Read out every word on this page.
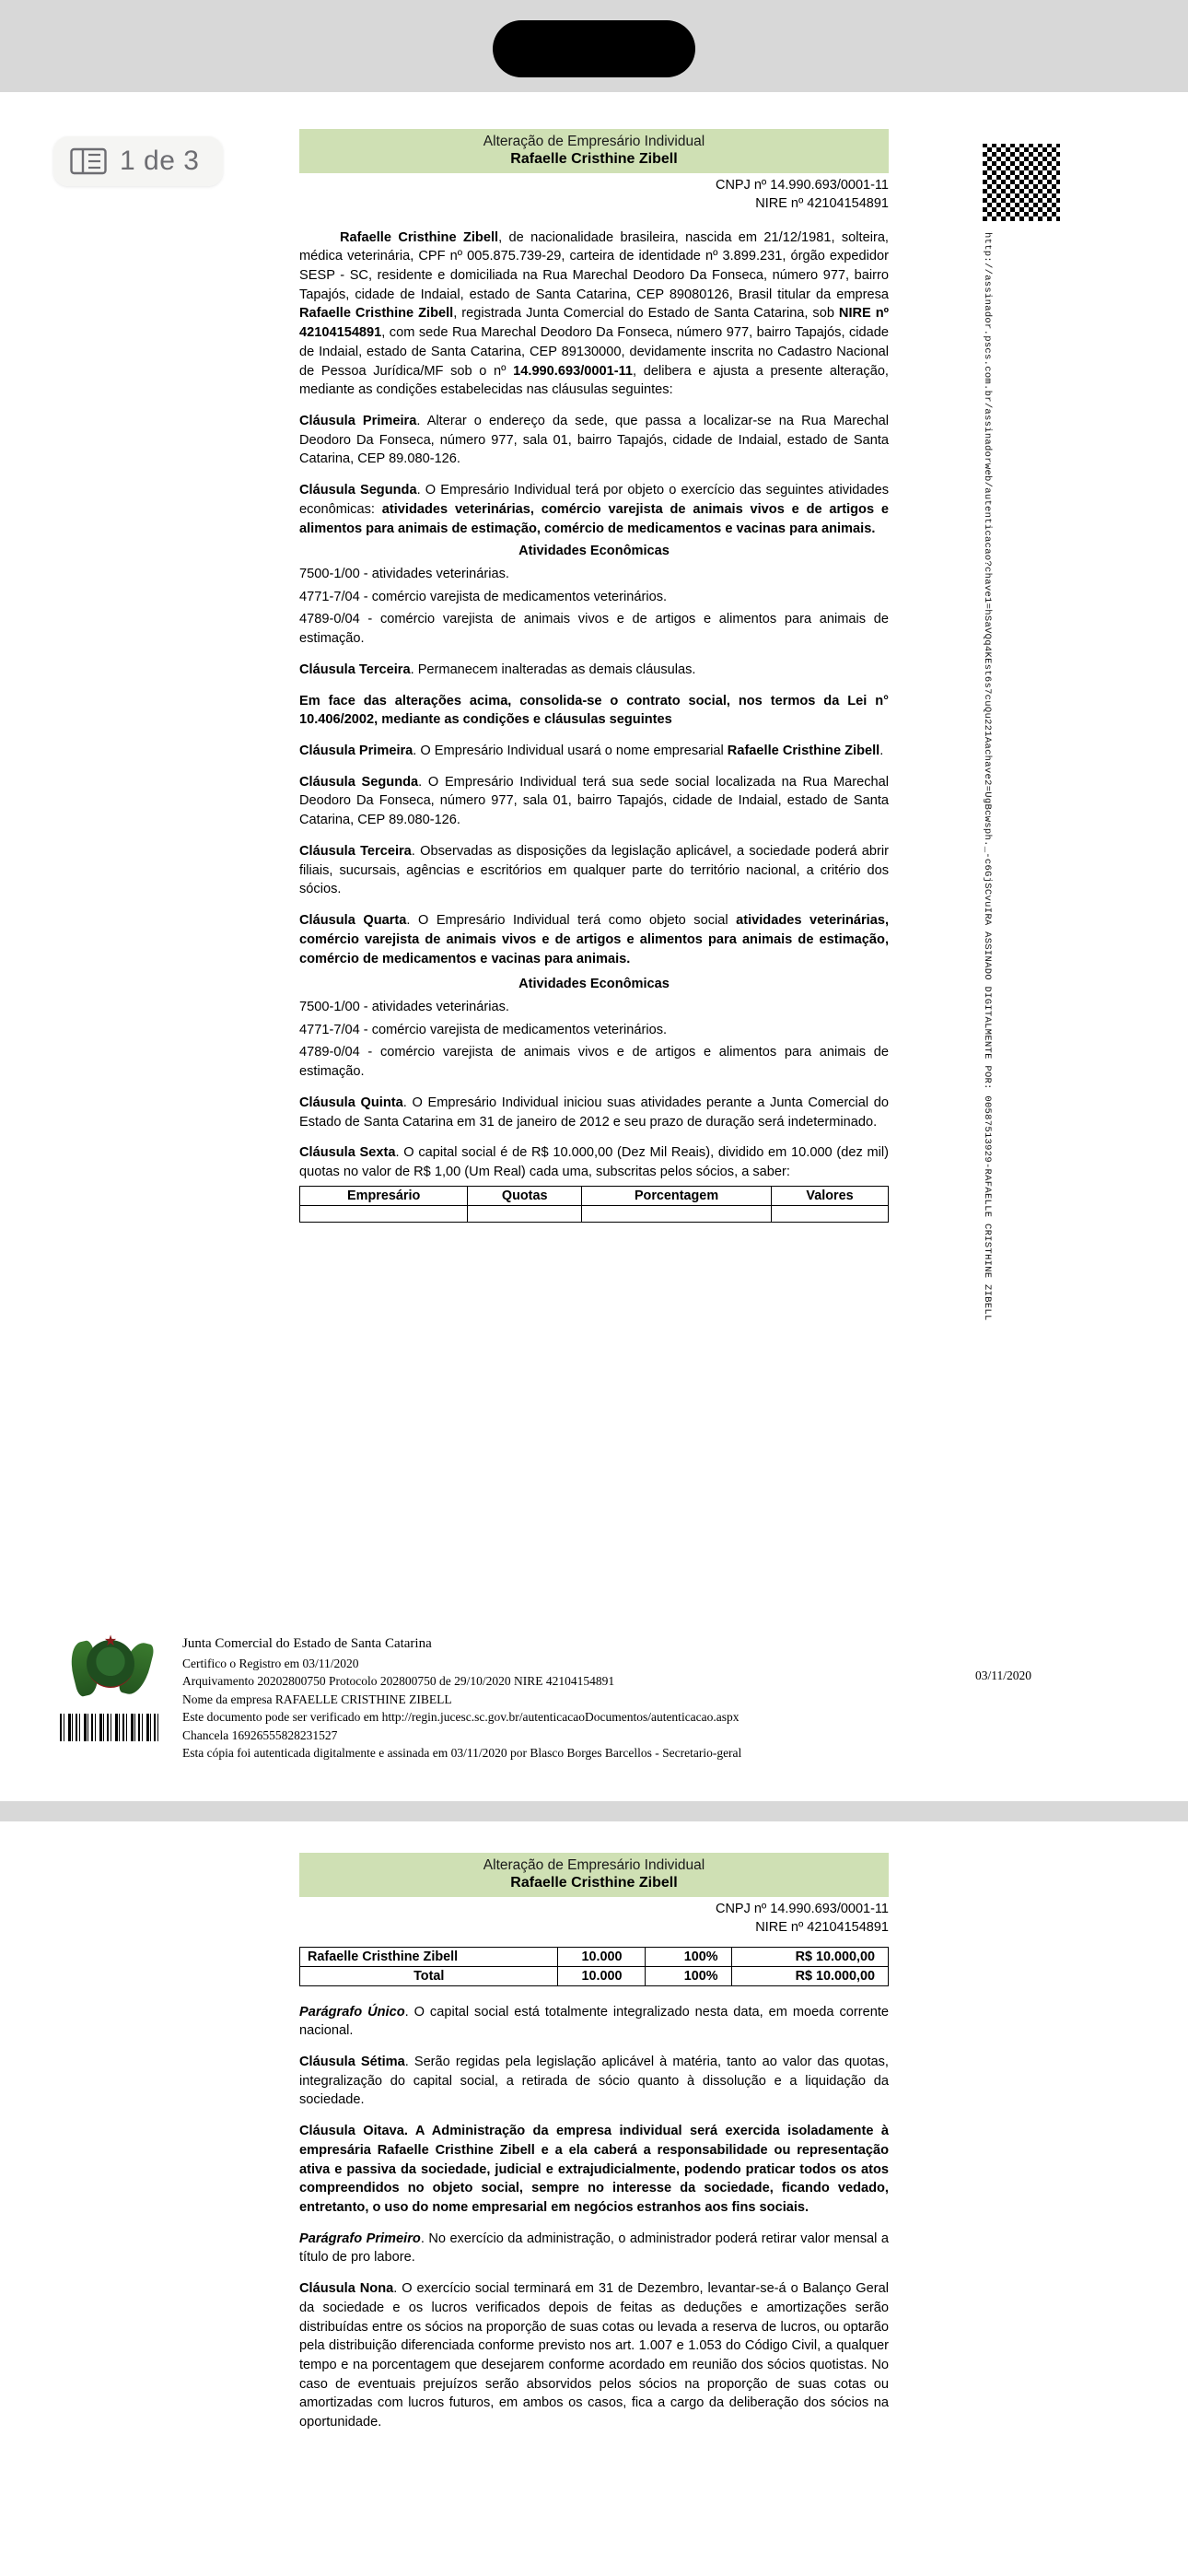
1 de 3
Alteração de Empresário Individual
Rafaelle Cristhine Zibell
CNPJ nº 14.990.693/0001-11
NIRE nº 42104154891
http://assinador.pscs.com.br/assinadorweb/autenticacao?chave1=hSaVQq4KEst6s7cuQu221Aachave2=UgBcwsph._-c6GjSCvuIRA ASSINADO DIGITALMENTE POR: 00587513929-RAFAELLE CRISTHINE ZIBELL

Rafaelle Cristhine Zibell, de nacionalidade brasileira, nascida em 21/12/1981, solteira, médica veterinária, CPF nº 005.875.739-29, carteira de identidade nº 3.899.231, órgão expedidor SESP - SC, residente e domiciliada na Rua Marechal Deodoro Da Fonseca, número 977, bairro Tapajós, cidade de Indaial, estado de Santa Catarina, CEP 89080126, Brasil titular da empresa Rafaelle Cristhine Zibell, registrada Junta Comercial do Estado de Santa Catarina, sob NIRE nº 42104154891, com sede Rua Marechal Deodoro Da Fonseca, número 977, bairro Tapajós, cidade de Indaial, estado de Santa Catarina, CEP 89130000, devidamente inscrita no Cadastro Nacional de Pessoa Jurídica/MF sob o nº 14.990.693/0001-11, delibera e ajusta a presente alteração, mediante as condições estabelecidas nas cláusulas seguintes:

Cláusula Primeira. Alterar o endereço da sede, que passa a localizar-se na Rua Marechal Deodoro Da Fonseca, número 977, sala 01, bairro Tapajós, cidade de Indaial, estado de Santa Catarina, CEP 89.080-126.

Cláusula Segunda. O Empresário Individual terá por objeto o exercício das seguintes atividades econômicas: atividades veterinárias, comércio varejista de animais vivos e de artigos e alimentos para animais de estimação, comércio de medicamentos e vacinas para animais.

Atividades Econômicas

7500-1/00 - atividades veterinárias.

4771-7/04 - comércio varejista de medicamentos veterinários.

4789-0/04 - comércio varejista de animais vivos e de artigos e alimentos para animais de estimação.

Cláusula Terceira. Permanecem inalteradas as demais cláusulas.

Em face das alterações acima, consolida-se o contrato social, nos termos da Lei n° 10.406/2002, mediante as condições e cláusulas seguintes

Cláusula Primeira. O Empresário Individual usará o nome empresarial Rafaelle Cristhine Zibell.

Cláusula Segunda. O Empresário Individual terá sua sede social localizada na Rua Marechal Deodoro Da Fonseca, número 977, sala 01, bairro Tapajós, cidade de Indaial, estado de Santa Catarina, CEP 89.080-126.

Cláusula Terceira. Observadas as disposições da legislação aplicável, a sociedade poderá abrir filiais, sucursais, agências e escritórios em qualquer parte do território nacional, a critério dos sócios.

Cláusula Quarta. O Empresário Individual terá como objeto social atividades veterinárias, comércio varejista de animais vivos e de artigos e alimentos para animais de estimação, comércio de medicamentos e vacinas para animais.

Atividades Econômicas

7500-1/00 - atividades veterinárias.

4771-7/04 - comércio varejista de medicamentos veterinários.

4789-0/04 - comércio varejista de animais vivos e de artigos e alimentos para animais de estimação.

Cláusula Quinta. O Empresário Individual iniciou suas atividades perante a Junta Comercial do Estado de Santa Catarina em 31 de janeiro de 2012 e seu prazo de duração será indeterminado.

Cláusula Sexta. O capital social é de R$ 10.000,00 (Dez Mil Reais), dividido em 10.000 (dez mil) quotas no valor de R$ 1,00 (Um Real) cada uma, subscritas pelos sócios, a saber:

Empresário	Quotas	Porcentagem	Valores

03/11/2020
★	Junta Comercial do Estado de Santa Catarina
Certifico o Registro em 03/11/2020
Arquivamento 20202800750 Protocolo 202800750 de 29/10/2020 NIRE 42104154891
Nome da empresa RAFAELLE CRISTHINE ZIBELL
Este documento pode ser verificado em http://regin.jucesc.sc.gov.br/autenticacaoDocumentos/autenticacao.aspx
Chancela 16926555828231527
Esta cópia foi autenticada digitalmente e assinada em 03/11/2020 por Blasco Borges Barcellos - Secretario-geral
Alteração de Empresário Individual
Rafaelle Cristhine Zibell
CNPJ nº 14.990.693/0001-11
NIRE nº 42104154891
Rafaelle Cristhine Zibell	10.000	100%	R$ 10.000,00
Total	10.000	100%	R$ 10.000,00

Parágrafo Único. O capital social está totalmente integralizado nesta data, em moeda corrente nacional.

Cláusula Sétima. Serão regidas pela legislação aplicável à matéria, tanto ao valor das quotas, integralização do capital social, a retirada de sócio quanto à dissolução e a liquidação da sociedade.

Cláusula Oitava. A Administração da empresa individual será exercida isoladamente à empresária Rafaelle Cristhine Zibell e a ela caberá a responsabilidade ou representação ativa e passiva da sociedade, judicial e extrajudicialmente, podendo praticar todos os atos compreendidos no objeto social, sempre no interesse da sociedade, ficando vedado, entretanto, o uso do nome empresarial em negócios estranhos aos fins sociais.

Parágrafo Primeiro. No exercício da administração, o administrador poderá retirar valor mensal a título de pro labore.

Cláusula Nona. O exercício social terminará em 31 de Dezembro, levantar-se-á o Balanço Geral da sociedade e os lucros verificados depois de feitas as deduções e amortizações serão distribuídas entre os sócios na proporção de suas cotas ou levada a reserva de lucros, ou optarão pela distribuição diferenciada conforme previsto nos art. 1.007 e 1.053 do Código Civil, a qualquer tempo e na porcentagem que desejarem conforme acordado em reunião dos sócios quotistas. No caso de eventuais prejuízos serão absorvidos pelos sócios na proporção de suas cotas ou amortizadas com lucros futuros, em ambos os casos, fica a cargo da deliberação dos sócios na oportunidade.
